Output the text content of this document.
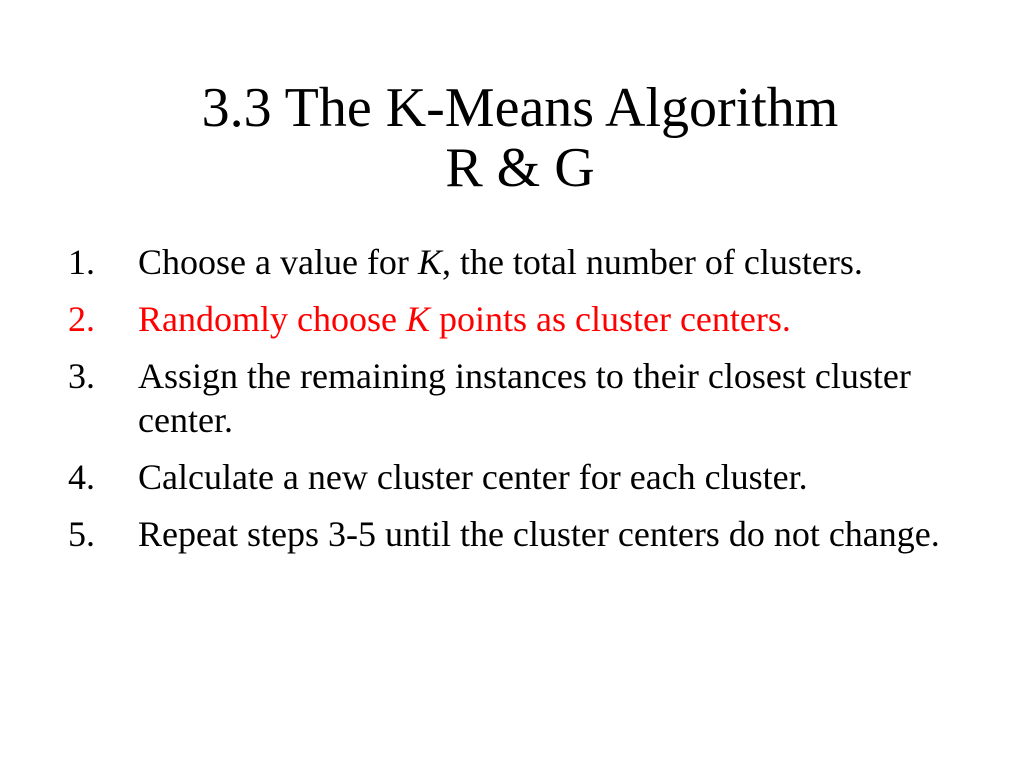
3.3 The K-Means Algorithm
R & G
1.	Choose a value for K, the total number of clusters.
2.	Randomly choose K points as cluster centers.
3.	Assign the remaining instances to their closest cluster center.
4.	Calculate a new cluster center for each cluster.
5.	Repeat steps 3-5 until the cluster centers do not change.
